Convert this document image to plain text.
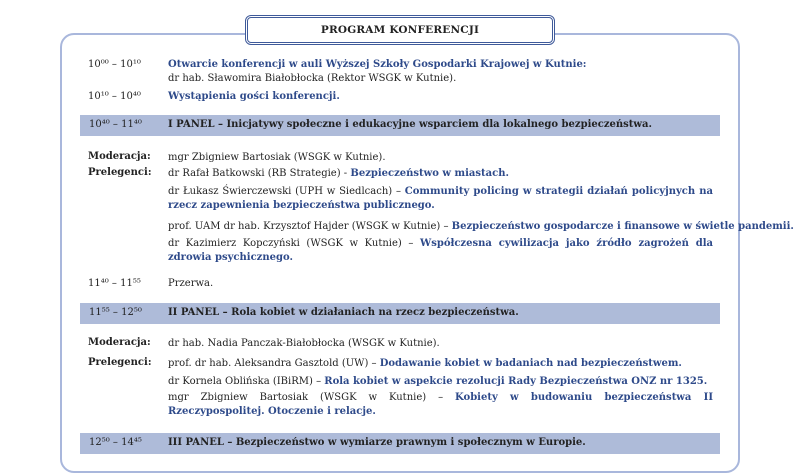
PROGRAM KONFERENCJI
10⁰⁰ – 10¹⁰	Otwarcie konferencji w auli Wyższej Szkoły Gospodarki Krajowej w Kutnie:
dr hab. Sławomira Białobłocka (Rektor WSGK w Kutnie).
10¹⁰ – 10⁴⁰	Wystąpienia gości konferencji.
10⁴⁰ – 11⁴⁰	I PANEL – Inicjatywy społeczne i edukacyjne wsparciem dla lokalnego bezpieczeństwa.
Moderacja: mgr Zbigniew Bartosiak (WSGK w Kutnie).
Prelegenci: dr Rafał Batkowski (RB Strategie) - Bezpieczeństwo w miastach.
dr Łukasz Świerczewski (UPH w Siedlcach) – Community policing w strategii działań policyjnych na rzecz zapewnienia bezpieczeństwa publicznego.
prof. UAM dr hab. Krzysztof Hajder (WSGK w Kutnie) – Bezpieczeństwo gospodarcze i finansowe w świetle pandemii.
dr Kazimierz Kopczyński (WSGK w Kutnie) – Współczesna cywilizacja jako źródło zagrożeń dla zdrowia psychicznego.
11⁴⁰ – 11⁵⁵	Przerwa.
11⁵⁵ – 12⁵⁰	II PANEL – Rola kobiet w działaniach na rzecz bezpieczeństwa.
Moderacja: dr hab. Nadia Panczak-Białobłocka (WSGK w Kutnie).
Prelegenci: prof. dr hab. Aleksandra Gasztold (UW) – Dodawanie kobiet w badaniach nad bezpieczeństwem.
dr Kornela Oblińska (IBiRM) – Rola kobiet w aspekcie rezolucji Rady Bezpieczeństwa ONZ nr 1325.
mgr Zbigniew Bartosiak (WSGK w Kutnie) – Kobiety w budowaniu bezpieczeństwa II Rzeczypospolitej. Otoczenie i relacje.
12⁵⁰ – 14⁴⁵	III PANEL – Bezpieczeństwo w wymiarze prawnym i społecznym w Europie.
